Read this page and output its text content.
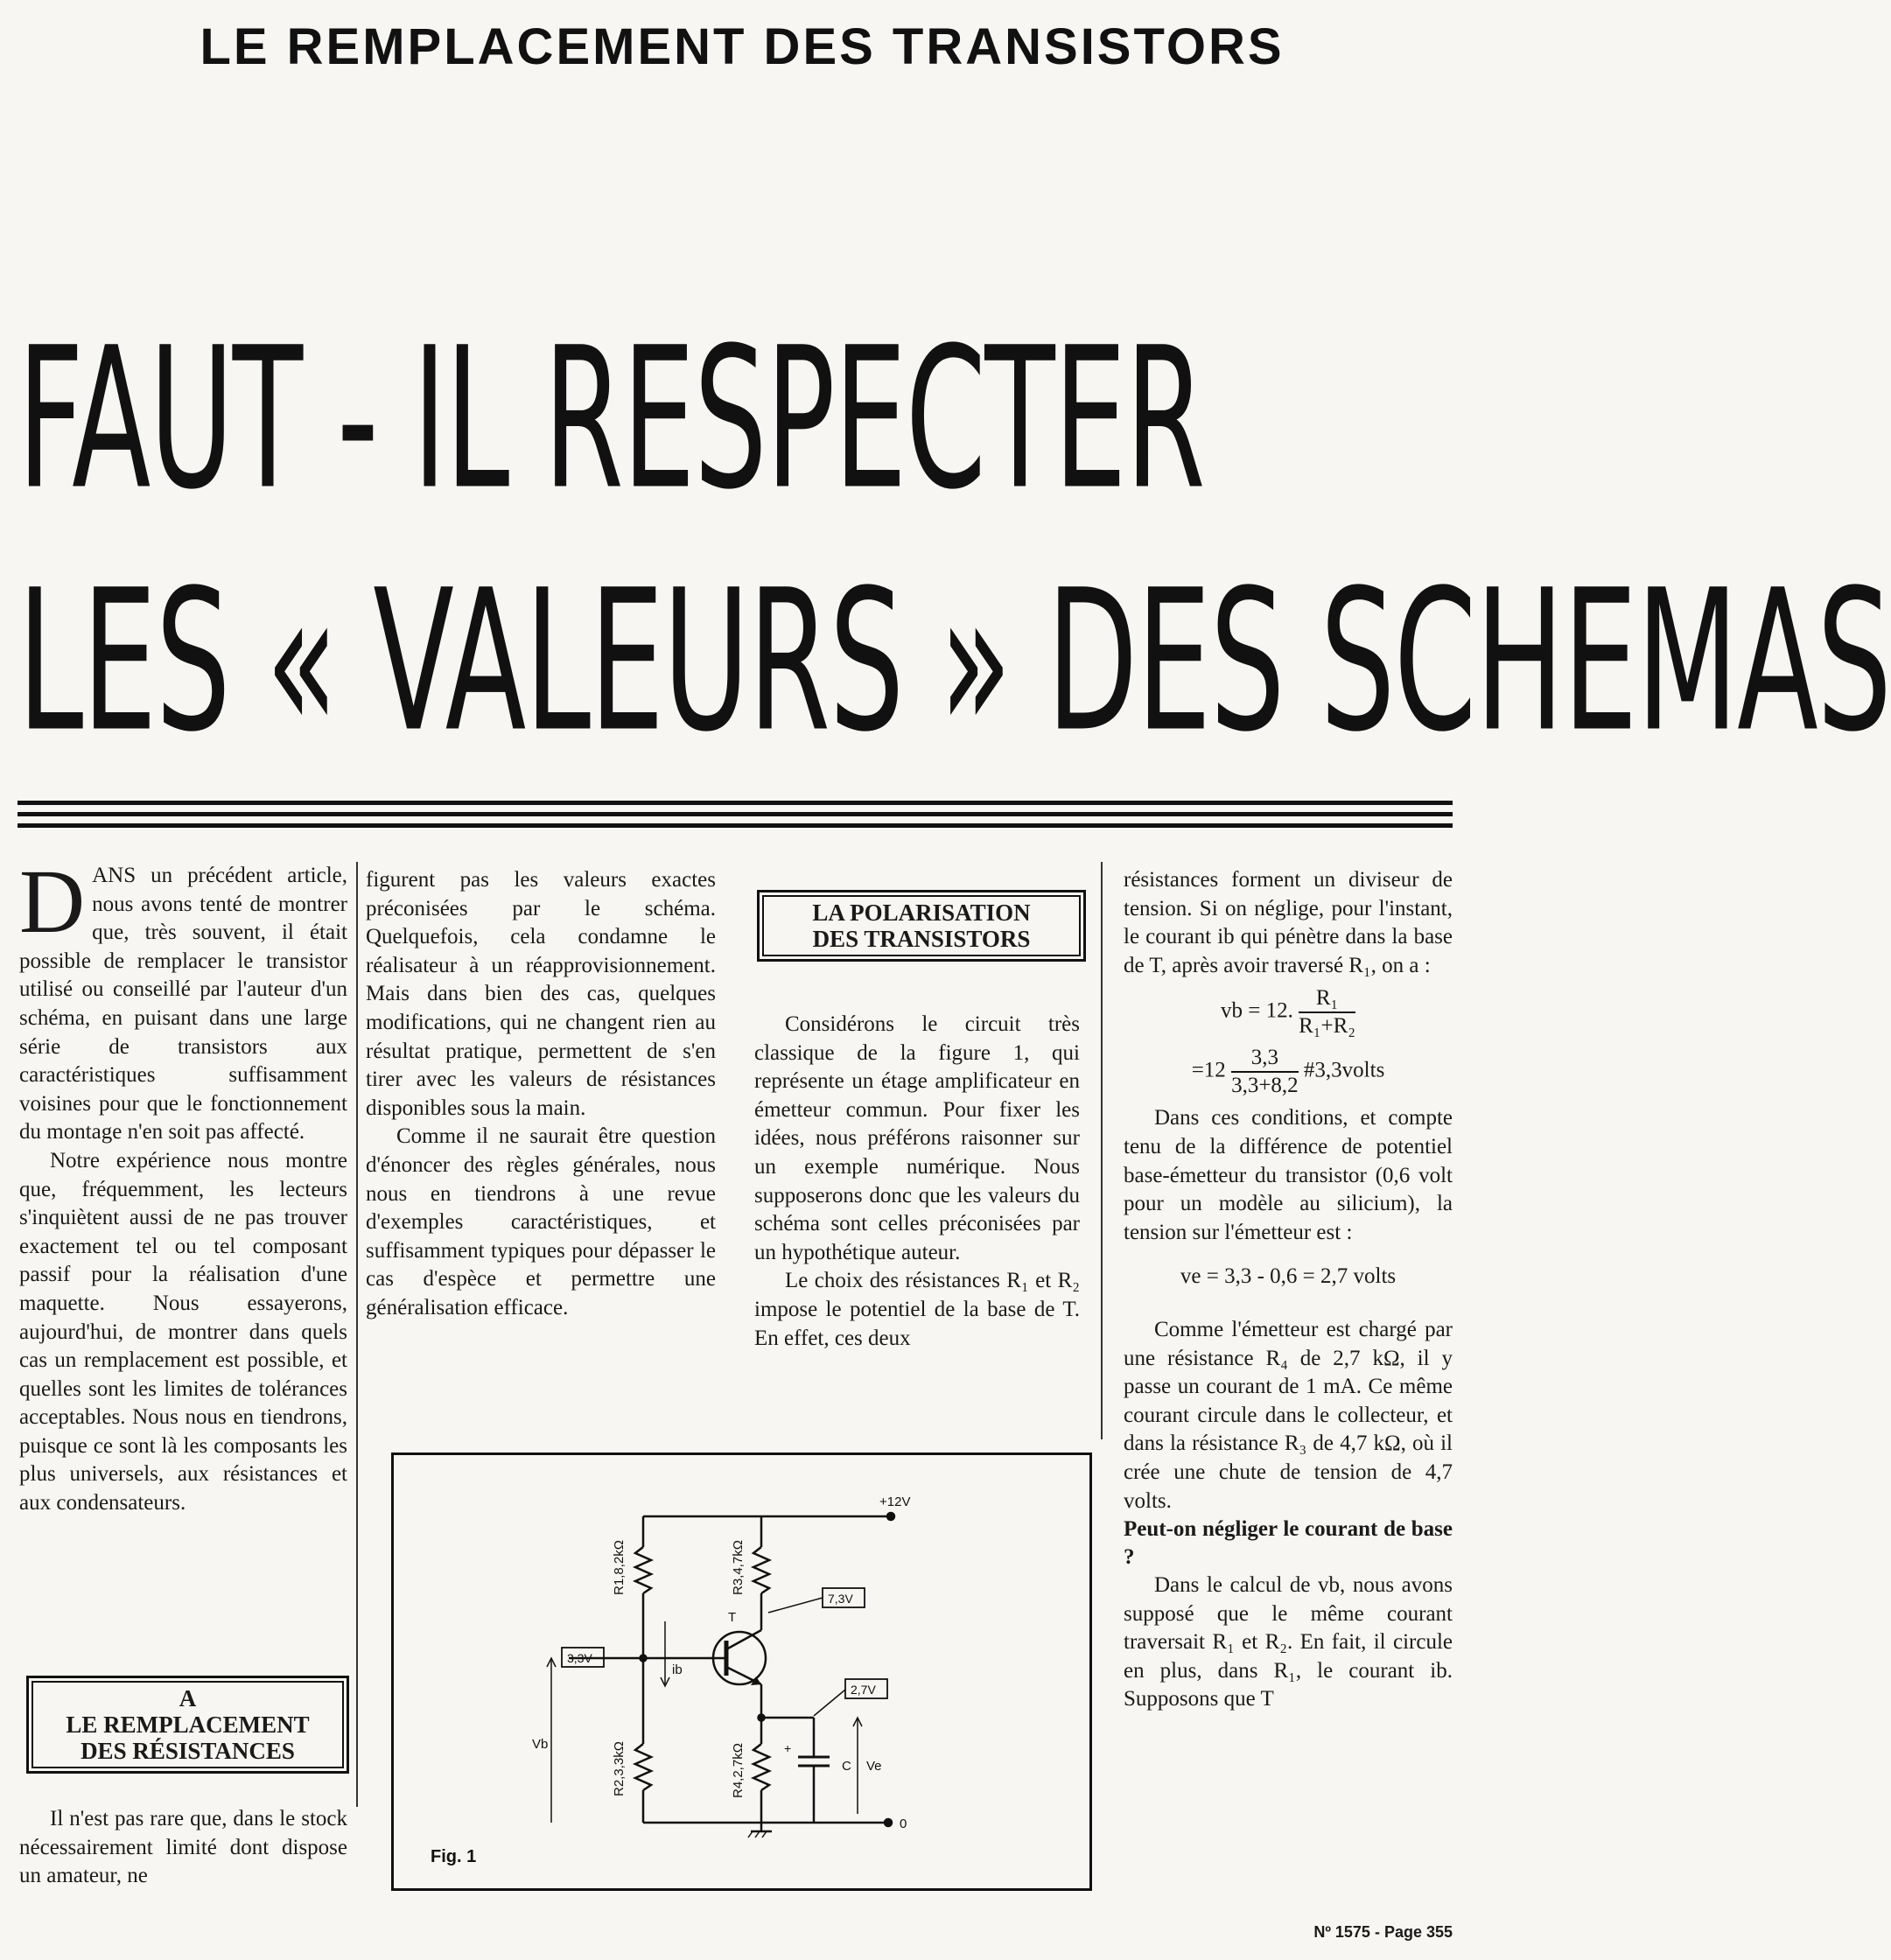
LE REMPLACEMENT DES TRANSISTORS
FAUT - IL RESPECTER
LES « VALEURS » DES SCHEMAS

DANS un précédent article, nous avons tenté de montrer que, très souvent, il était possible de remplacer le transistor utilisé ou conseillé par l'auteur d'un schéma, en puisant dans une large série de transistors aux caractéristiques suffisamment voisines pour que le fonctionnement du montage n'en soit pas affecté.

Notre expérience nous montre que, fréquemment, les lecteurs s'inquiètent aussi de ne pas trouver exactement tel ou tel composant passif pour la réalisation d'une maquette. Nous essayerons, aujourd'hui, de montrer dans quels cas un remplacement est possible, et quelles sont les limites de tolérances acceptables. Nous nous en tiendrons, puisque ce sont là les composants les plus universels, aux résistances et aux condensateurs.

A
LE REMPLACEMENT
DES RÉSISTANCES

Il n'est pas rare que, dans le stock nécessairement limité dont dispose un amateur, ne

figurent pas les valeurs exactes préconisées par le schéma. Quelquefois, cela condamne le réalisateur à un réapprovisionnement. Mais dans bien des cas, quelques modifications, qui ne changent rien au résultat pratique, permettent de s'en tirer avec les valeurs de résistances disponibles sous la main.

Comme il ne saurait être question d'énoncer des règles générales, nous nous en tiendrons à une revue d'exemples caractéristiques, et suffisamment typiques pour dépasser le cas d'espèce et permettre une généralisation efficace.

LA POLARISATION
DES TRANSISTORS

Considérons le circuit très classique de la figure 1, qui représente un étage amplificateur en émetteur commun. Pour fixer les idées, nous préférons raisonner sur un exemple numérique. Nous supposerons donc que les valeurs du schéma sont celles préconisées par un hypothétique auteur.

Le choix des résistances R₁ et R₂ impose le potentiel de la base de T. En effet, ces deux

résistances forment un diviseur de tension. Si on néglige, pour l'instant, le courant ib qui pénètre dans la base de T, après avoir traversé R₁, on a :

vb = 12. $\frac{\text{R₁}}{\text{R₁+R₂}}$
$=12 \frac{3,3}{3,3+8,2}$ #3,3volts

Dans ces conditions, et compte tenu de la différence de potentiel base-émetteur du transistor (0,6 volt pour un modèle au silicium), la tension sur l'émetteur est :

ve = 3,3 - 0,6 = 2,7 volts

Comme l'émetteur est chargé par une résistance R₄ de 2,7 kΩ, il y passe un courant de 1 mA. Ce même courant circule dans le collecteur, et dans la résistance R₃ de 4,7 kΩ, où il crée une chute de tension de 4,7 volts.

Peut-on négliger le courant de base ?

Dans le calcul de vb, nous avons supposé que le même courant traversait R₁ et R₂. En fait, il circule en plus, dans R₁, le courant ib. Supposons que T

+12V
R1,8,2kΩ	R3,4,7kΩ
T
ib
R2,3,3kΩ	R4,2,7kΩ	+
C
0
Vb
Ve
3,3V
7,3V
2,7V
Fig. 1
Nº 1575 - Page 355
